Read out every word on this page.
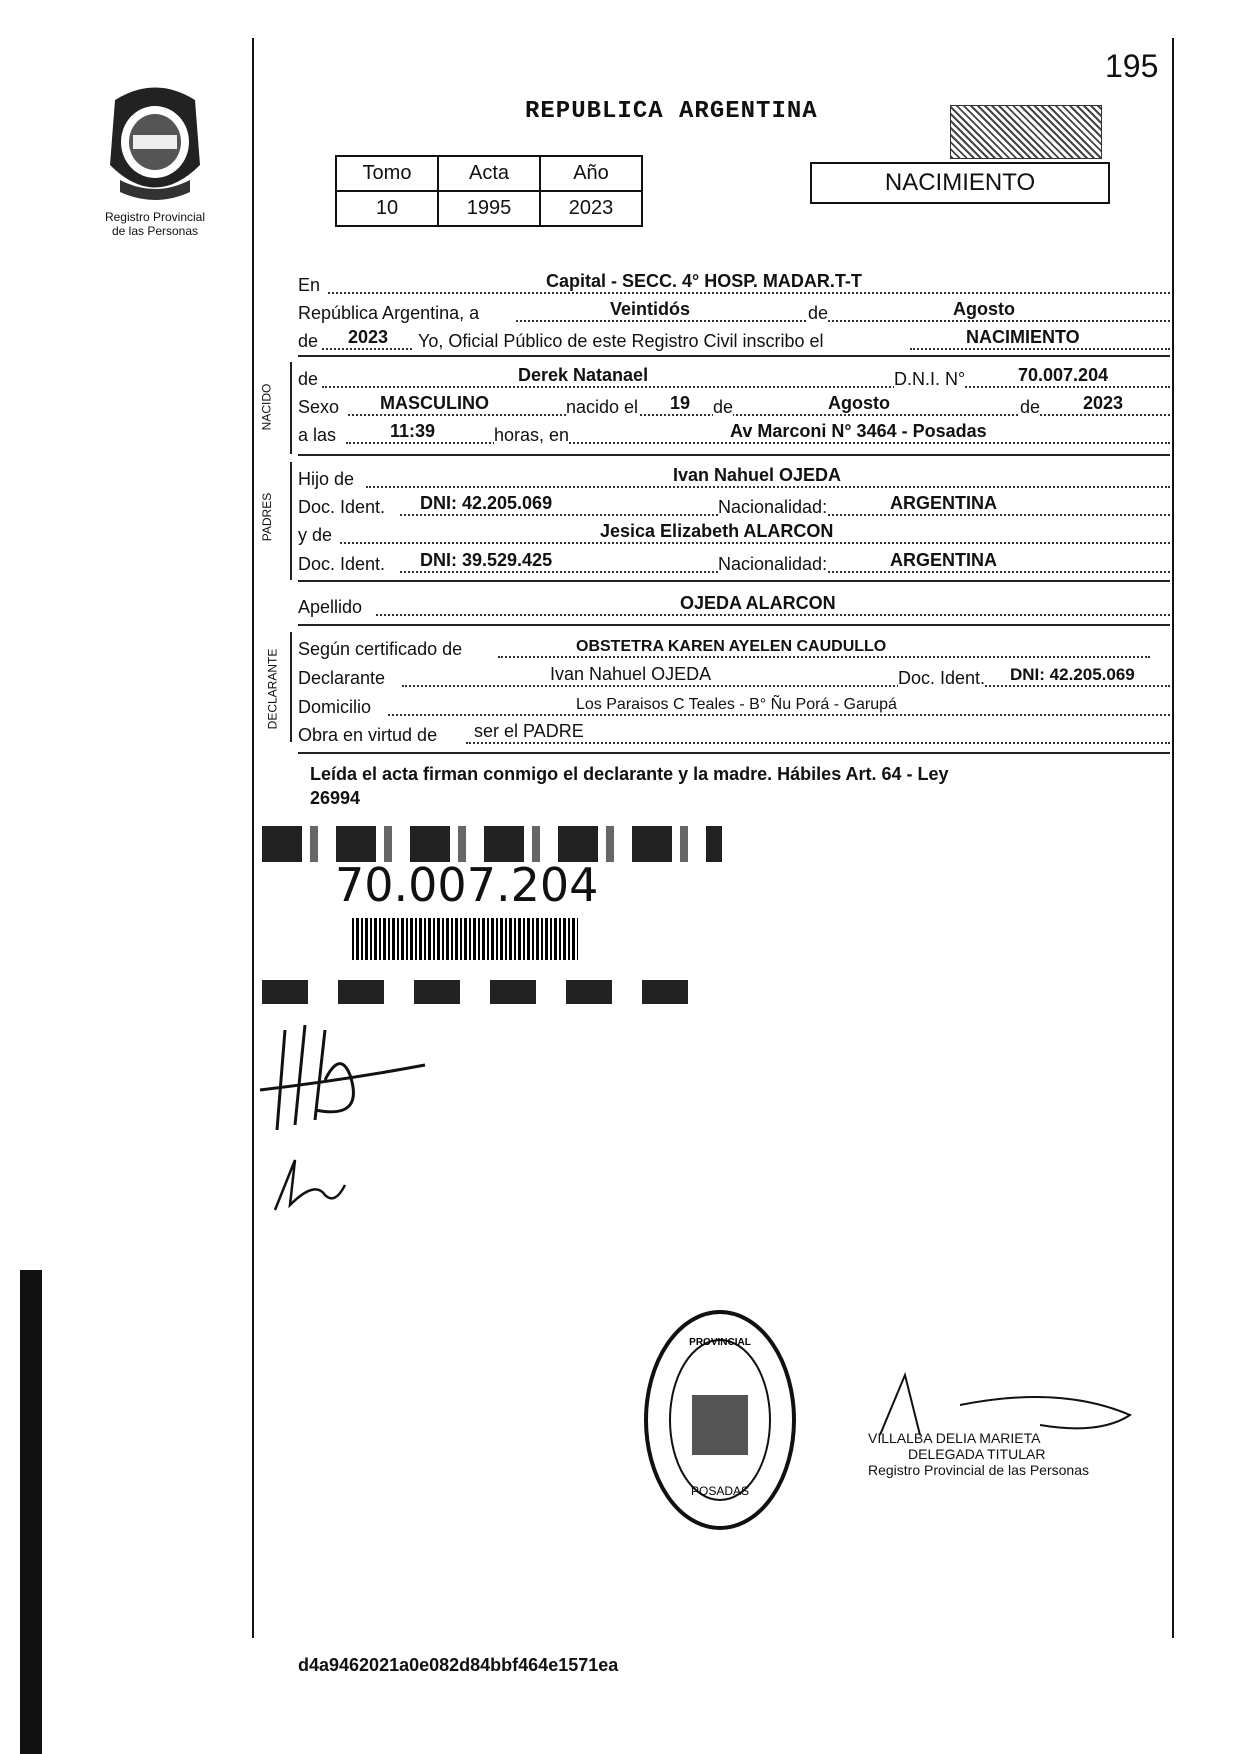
195
Registro Provincial
de las Personas
REPUBLICA ARGENTINA
Tomo	Acta	Año
10	1995	2023
NACIMIENTO
En	Capital - SECC. 4° HOSP. MADAR.T-T
República Argentina, a	Veintidós	de	Agosto
de 2023 Yo, Oficial Público de este Registro Civil inscribo el	NACIMIENTO
NACIDO
de	Derek Natanael	D.N.I. N°	70.007.204
Sexo MASCULINO	nacido el 19 de	Agosto	de 2023
a las	11:39	horas, en	Av Marconi N° 3464 - Posadas
PADRES
Hijo de	Ivan Nahuel OJEDA
Doc. Ident. DNI: 42.205.069	Nacionalidad:	ARGENTINA
y de	Jesica Elizabeth ALARCON
Doc. Ident. DNI: 39.529.425	Nacionalidad:	ARGENTINA
Apellido	OJEDA ALARCON
DECLARANTE Según certificado de	OBSTETRA KAREN AYELEN CAUDULLO
Declarante	Ivan Nahuel OJEDA	Doc. Ident. DNI: 42.205.069
Domicilio	Los Paraisos C Teales - B° Ñu Porá - Garupá
Obra en virtud de ser el PADRE
Leída el acta firman conmigo el declarante y la madre. Hábiles Art. 64 - Ley
26994
70.007.204
PROVINCIAL
POSADAS
VILLALBA DELIA MARIETA
DELEGADA TITULAR
Registro Provincial de las Personas
d4a9462021a0e082d84bbf464e1571ea
